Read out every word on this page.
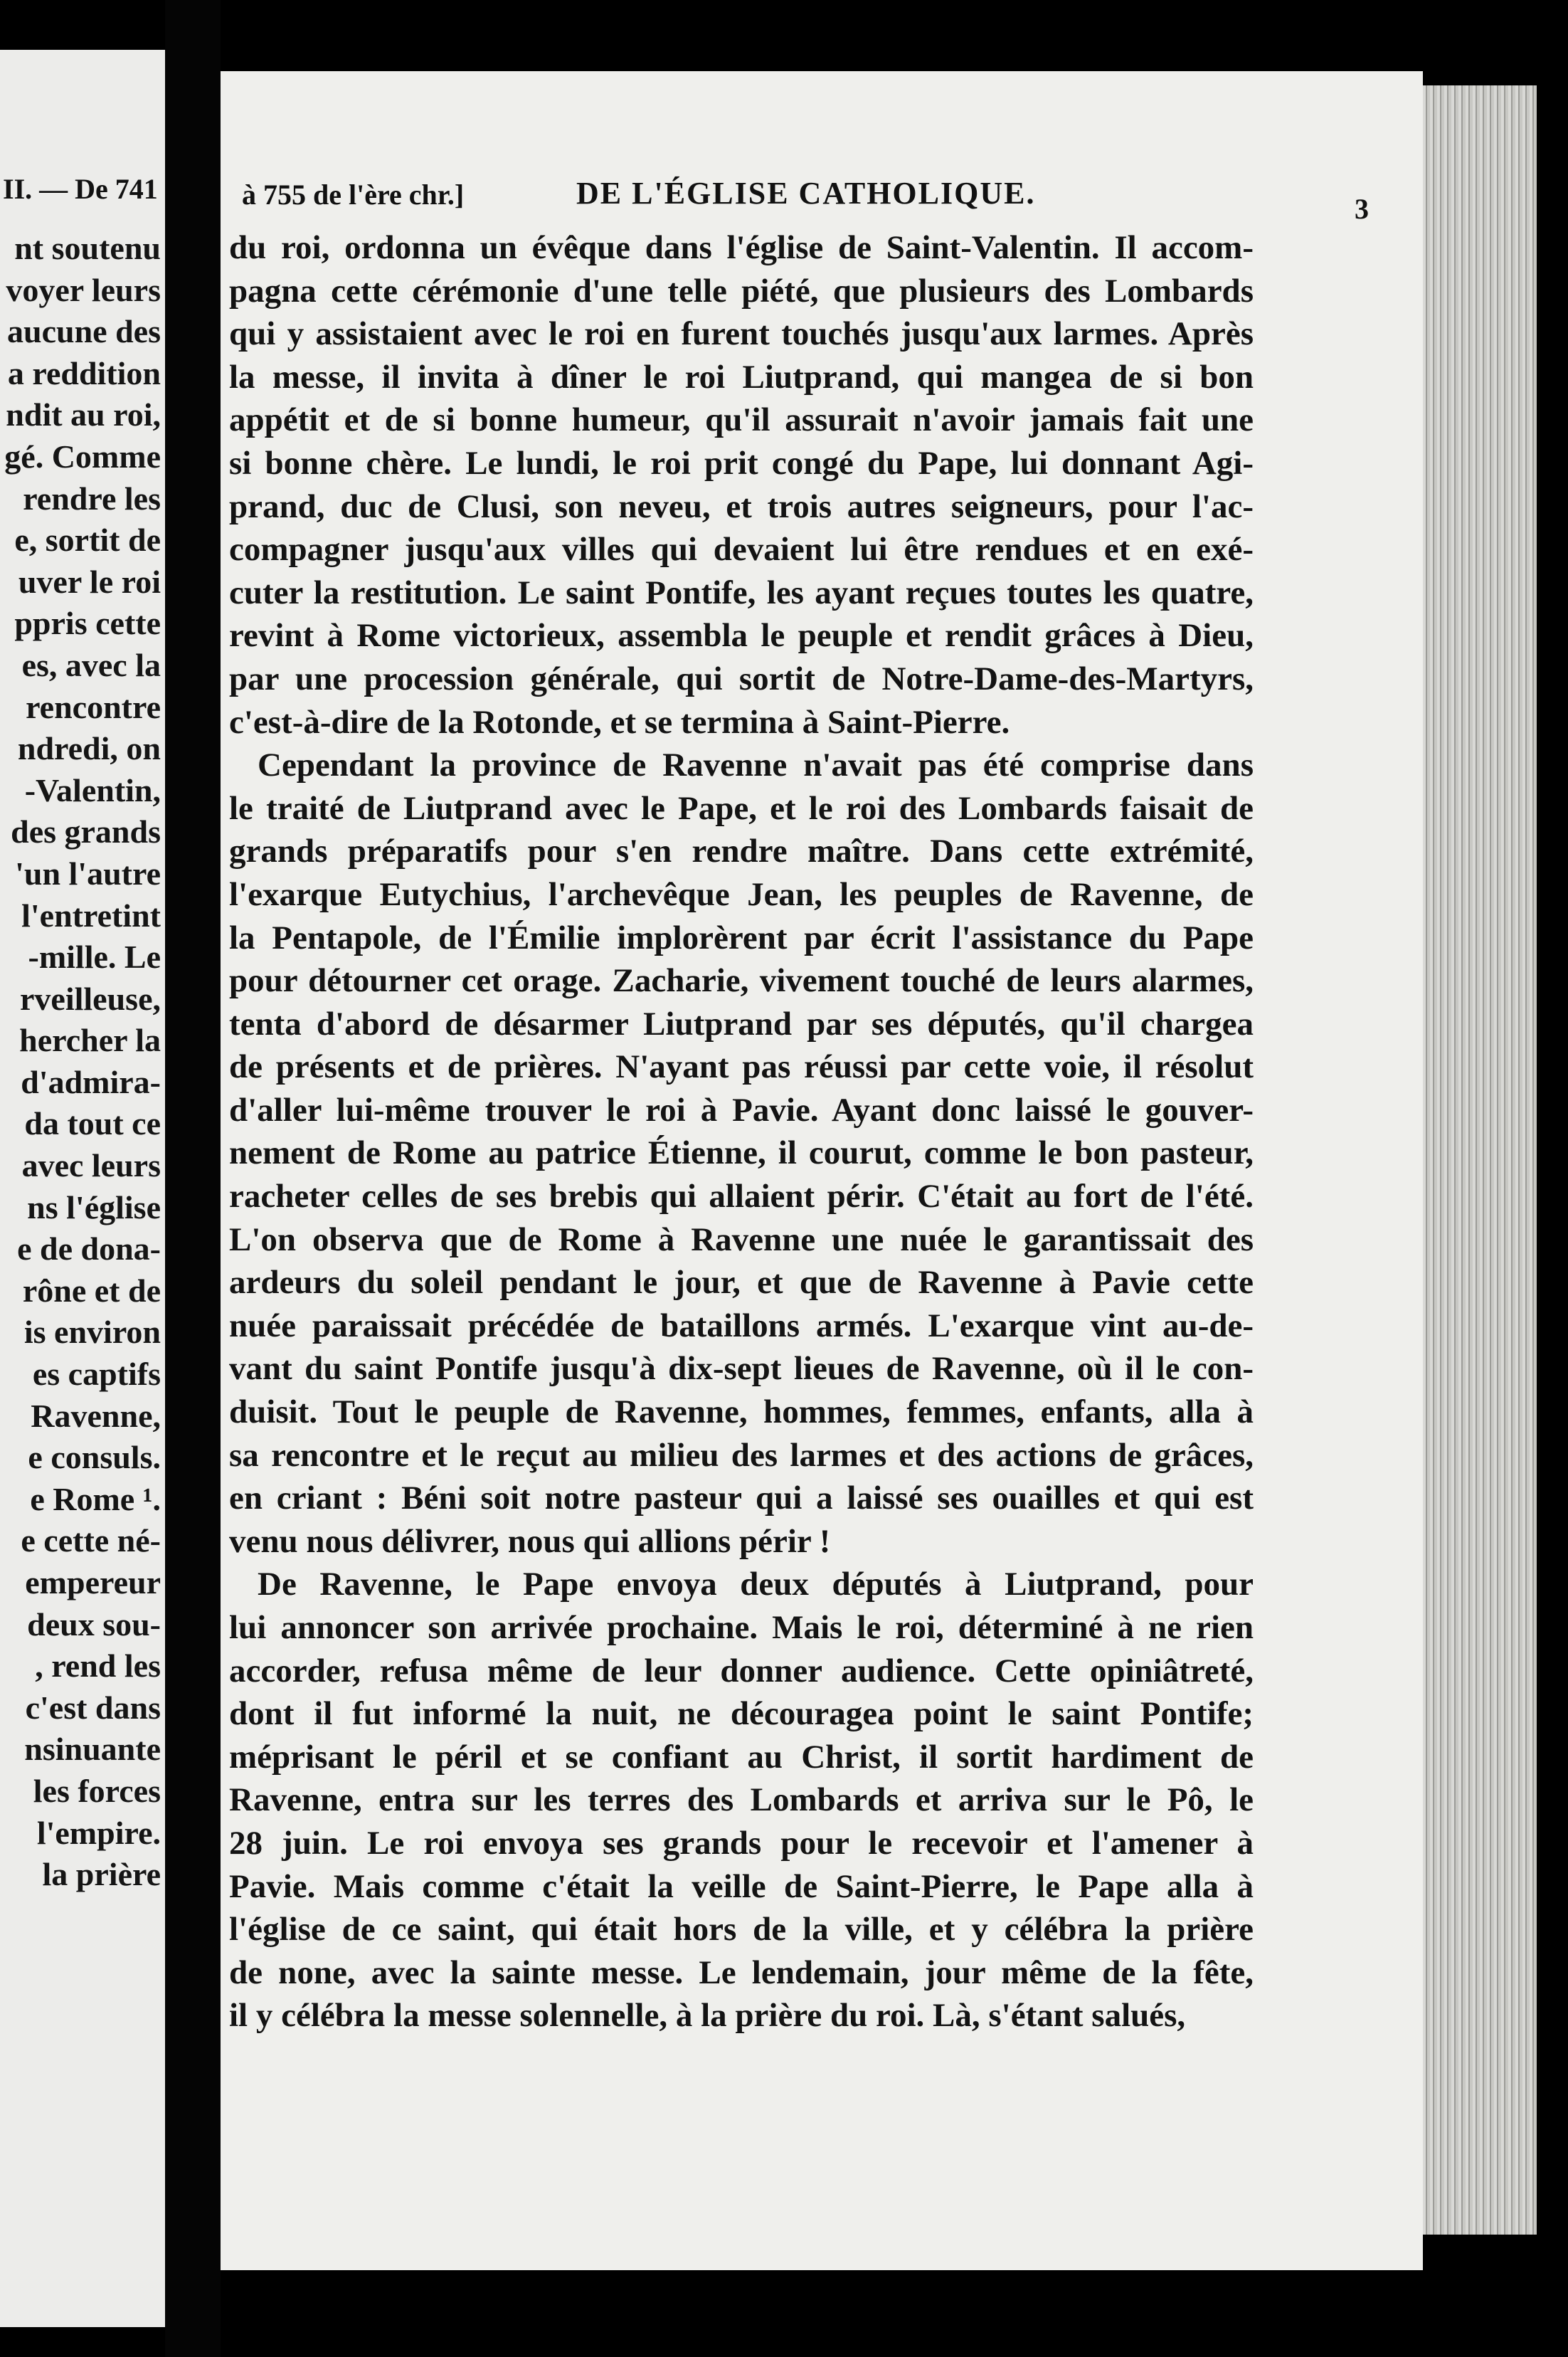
II. — De 741
nt soutenu
voyer leurs
aucune des
a reddition
ndit au roi,
gé. Comme
rendre les
e, sortit de
uver le roi
ppris cette
es, avec la
rencontre
ndredi, on
-Valentin,
des grands
'un l'autre
l'entretint
-mille. Le
rveilleuse,
hercher la
d'admira-
da tout ce
avec leurs
ns l'église
e de dona-
rône et de
is environ
es captifs
Ravenne,
e consuls.
e Rome ¹.
e cette né-
empereur
deux sou-
, rend les
c'est dans
nsinuante
les forces
l'empire.
la prière
à 755 de l'ère chr.]	DE L'ÉGLISE CATHOLIQUE.	3
du roi, ordonna un évêque dans l'église de Saint-Valentin. Il accom-
pagna cette cérémonie d'une telle piété, que plusieurs des Lombards
qui y assistaient avec le roi en furent touchés jusqu'aux larmes. Après
la messe, il invita à dîner le roi Liutprand, qui mangea de si bon
appétit et de si bonne humeur, qu'il assurait n'avoir jamais fait une
si bonne chère. Le lundi, le roi prit congé du Pape, lui donnant Agi-
prand, duc de Clusi, son neveu, et trois autres seigneurs, pour l'ac-
compagner jusqu'aux villes qui devaient lui être rendues et en exé-
cuter la restitution. Le saint Pontife, les ayant reçues toutes les quatre,
revint à Rome victorieux, assembla le peuple et rendit grâces à Dieu,
par une procession générale, qui sortit de Notre-Dame-des-Martyrs,
c'est-à-dire de la Rotonde, et se termina à Saint-Pierre.
Cependant la province de Ravenne n'avait pas été comprise dans
le traité de Liutprand avec le Pape, et le roi des Lombards faisait de
grands préparatifs pour s'en rendre maître. Dans cette extrémité,
l'exarque Eutychius, l'archevêque Jean, les peuples de Ravenne, de
la Pentapole, de l'Émilie implorèrent par écrit l'assistance du Pape
pour détourner cet orage. Zacharie, vivement touché de leurs alarmes,
tenta d'abord de désarmer Liutprand par ses députés, qu'il chargea
de présents et de prières. N'ayant pas réussi par cette voie, il résolut
d'aller lui-même trouver le roi à Pavie. Ayant donc laissé le gouver-
nement de Rome au patrice Étienne, il courut, comme le bon pasteur,
racheter celles de ses brebis qui allaient périr. C'était au fort de l'été.
L'on observa que de Rome à Ravenne une nuée le garantissait des
ardeurs du soleil pendant le jour, et que de Ravenne à Pavie cette
nuée paraissait précédée de bataillons armés. L'exarque vint au-de-
vant du saint Pontife jusqu'à dix-sept lieues de Ravenne, où il le con-
duisit. Tout le peuple de Ravenne, hommes, femmes, enfants, alla à
sa rencontre et le reçut au milieu des larmes et des actions de grâces,
en criant : Béni soit notre pasteur qui a laissé ses ouailles et qui est
venu nous délivrer, nous qui allions périr !
De Ravenne, le Pape envoya deux députés à Liutprand, pour
lui annoncer son arrivée prochaine. Mais le roi, déterminé à ne rien
accorder, refusa même de leur donner audience. Cette opiniâtreté,
dont il fut informé la nuit, ne découragea point le saint Pontife;
méprisant le péril et se confiant au Christ, il sortit hardiment de
Ravenne, entra sur les terres des Lombards et arriva sur le Pô, le
28 juin. Le roi envoya ses grands pour le recevoir et l'amener à
Pavie. Mais comme c'était la veille de Saint-Pierre, le Pape alla à
l'église de ce saint, qui était hors de la ville, et y célébra la prière
de none, avec la sainte messe. Le lendemain, jour même de la fête,
il y célébra la messe solennelle, à la prière du roi. Là, s'étant salués,
